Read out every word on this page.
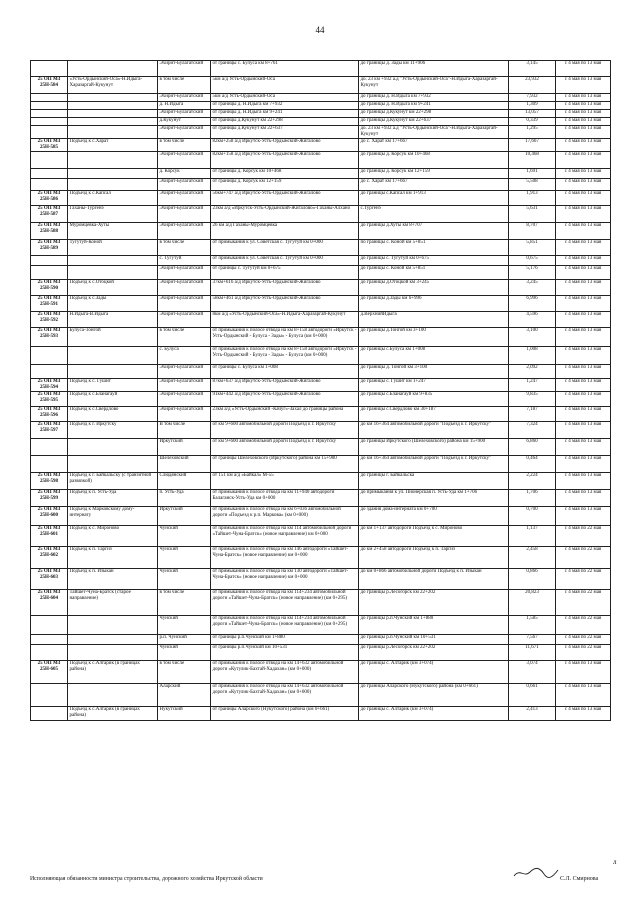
44
		Эхирит-Булагатский	от границы с. Булуса км 8+761	до границы д. Зады км 11+906	3,145	с 4 мая по 13 мая
25 ОП МЗ 25Н-584	«Усть-Ордынский-Оса»-Н.Идыга-Харазаргай-Кукунут	в том числе	5км а/д Усть-Ордынский-Оса	до. 23 км +932 а.д "Усть-Ордынский-Оса"-Н.Идыга-Харазаргай-Кукунут	23,932	с 4 мая по 13 мая
		Эхирит-Булагатский	5км а/д Усть-Ордынский-Оса	до границы д. Н.Идыга км 7+932	7,932	с 4 мая по 13 мая
		д. Н.Идыга	от границы д. Н.Идыга км 7+932	до границы д. Н.Идыга км 9+241	1,309	с 4 мая по 13 мая
		Эхирит-Булагатский	от границы д. Н.Идыга км 9+241	до границы д.Кукунут км 22+298	13,057	с 4 мая по 13 мая
		д.Кукунут	от границы д.Кукунут км 22+298	до границы д.Кукунут км 22+637	0,339	с 4 мая по 13 мая
		Эхирит-Булагатский	от границы д.Кукунут км 22+637	до. 23 км +932 а.д "Усть-Ордынский-Оса"-Н.Идыга-Харазаргай-Кукунут	1,295	с 4 мая по 13 мая
25 ОП МЗ 25Н-585	Подъезд к с.Харат	в том числе	82км+258 а/д Иркутск-Усть-Ордынский-Жигалово	до с. Харат км 17+667	17,667	с 4 мая по 13 мая
		Эхирит-Булагатский	82км+158 а/д Иркутск-Усть-Ордынский-Жигалово	до границы д. Корсук км 10+468	10,468	с 4 мая по 13 мая
		д. Корсук	от границы д. Корсук км 10+468	до границы д. Корсук км 12+159	1,691	с 4 мая по 13 мая
		Эхирит-Булагатский	от границы д. Корсук км 12+159	до с. Харат км 17+667	5,508	с 4 мая по 13 мая
25 ОП МЗ 25Н-586	Подъезд к с.Капсал	Эхирит-Булагатский	56км+747 а/д Иркутск-Усть-Ордынский-Жигалово	до границы с.Капсал км 1+913	1,913	с 4 мая по 13 мая
25 ОП МЗ 25Н-587	Гаханы-Тургенэ	Эхирит-Булагатский	23км а/д «Иркутск-Усть-Ордынский-Жигалово»-Гаханы-Алхано	с.Тургенэ	5,631	с 4 мая по 13 мая
25 ОП МЗ 25Н-588	Муромцевка-Хуты	Эхирит-Булагатский	26 км а/д Гаханы-Муромцевка	до границы д.Хуты км 8+707	8,707	с 4 мая по 13 мая
25 ОП МЗ 25Н-589	Тугутуй-Коной	в том числе	от примыкания к ул. Советская с. Тугутуй км 0+000	по границы с. Коной км 5+851	5,851	с 4 мая по 13 мая
		с. Тугутуй	от примыкания к ул. Советская с. Тугутуй км 0+000	до границы с. Тугутуй км 0+675	0,675	с 4 мая по 13 мая
		Эхирит-Булагатский	от границы с. Тугутуй км 0+675	до границы с. Коной км 5+851	5,176	с 4 мая по 13 мая
25 ОП МЗ 25Н-590	Подъезд к с.Отоцкой	Эхирит-Булагатский	37км+616 а/д Иркутск-Усть-Ордынский-Жигалово	до границы д.Отоцкой км 3+245	3,245	с 4 мая по 13 мая
25 ОП МЗ 25Н-591	Подъезд к с.Зады	Эхирит-Булагатский	58км+461 а/д Иркутск-Усть-Ордынский-Жигалово	до границы д.Зады км 6+996	6,996	с 4 мая по 13 мая
25 ОП МЗ 25Н-592	Н.Идыга-В.Идыга	Эхирит-Булагатский	8км а/д «Усть-Ордынский-Оса»-Н.Идыга-Харазаргай-Кукунут	д.ВерхнийИдыга	4,596	с 4 мая по 13 мая
25 ОП МЗ 25Н-593	Булуса-Тонгой	в том числе	от примыкания к полосе отвода на км 8+158 автодороги «Иркутск - Усть-Ордынский - Булуса - Зады» - Булуса (км 0+000)	до границы д.Тонгой км 3+100	3,100	с 4 мая по 13 мая
		с. Булуса	от примыкания к полосе отвода на км 8+158 автодороги «Иркутск - Усть-Ордынский - Булуса - Зады» - Булуса (км 0+000)	до границы с.Булуса км 1+008	1,008	с 4 мая по 13 мая
		Эхирит-Булагатский	от границы с. Булуса км 1+008	до границы д. Тонгой км 3+100	2,092	с 4 мая по 13 мая
25 ОП МЗ 25Н-594	Подъезд к с. Гушит	Эхирит-Булагатский	87км+637 а/д Иркутск-Усть-Ордынский-Жигалово	до границы с. Гушит км 1+247	1,247	с 4 мая по 13 мая
25 ОП МЗ 25Н-595	Подъезд к с.Бланагауй	Эхирит-Булагатский	91км+442 а/д Иркутск-Усть-Ордынский-Жигалово	до границы с.Бланагауй км 9+835	9,835	с 4 мая по 13 мая
25 ОП МЗ 25Н-596	Подъезд к с.Свердлово	Эхирит-Булагатский	23км а/д «Усть-Ордынский -Качуг»-Захал до границы района	до границы с.Свердлово км 30+187	7,187	с 4 мая по 13 мая
25 ОП МЗ 25Н-597	Подъезд к г. Иркутску	В том числе	от км 9+600 автомобильной дороги Подъезд к г. Иркутску	до км 16+364 автомобильной дороги "Подъезд к г. Иркутску"	7,324	с 4 мая по 13 мая
		Иркутский	от км 9+600 автомобильной дороги Подъезд к г. Иркутску	до границы Иркутского (Шелеховского) района км 15+900	6,860	с 4 мая по 13 мая
		Шелеховский	от границы Шелеховского (Иркутского) района км 15+900	до км 16+364 автомобильной дороги "Подъезд к г. Иркутску"	0,464	с 4 мая по 13 мая
25 ОП МЗ 25Н-598	Подъезд к г. Байкальску (с транзитной развязкой)	Слюдянский	от 151 км а/д «Байкал» М-55	до границы г. Байкальска	2,224	с 4 мая по 13 мая
25 ОП МЗ 25Н-599	Подъезд к п. Усть-Уда	п. Усть-Уда	от примыкания к полосе отвода на км 11+940 автодороги Балаганск-Усть-Уда км 0+000	до примыкания к ул. Пионерская п. Усть-Уда км 1+706	1,706	с 4 мая по 13 мая
25 ОП МЗ 25Н-600	Подъезд к Марковскому дому-интернату	Иркутский	от примыкания к полосе отвода на км 6+036 автомобильной дороги «Подъезд к р.п. Маркова» (км 0+000)	до здания дома-интерната км 0+700	0,700	с 4 мая по 13 мая
25 ОП МЗ 25Н-601	Подъезд к с. Мироново	Чунский	от примыкания к полосе отвода на км 114 автомобильной дороги «Тайшет-Чуна-Братск» (новое направление) км 0+000	до км 1+137 автодороги Подъезд к с. Мироново	1,137	с 4 мая по 22 мая
25 ОП МЗ 25Н-602	Подъезд к п. Таргиз	Чунский	от примыкания к полосе отвода на км 146 автодороги «Тайшет-Чуна-Братск» (новое направление) км 0+000	до км 2+458 автодороги Подъезд к п. Таргиз	2,458	с 4 мая по 22 мая
25 ОП МЗ 25Н-603	Подъезд к п. Изыкан	Чунский	от примыкания к полосе отвода на км 130 автодороги «Тайшет-Чуна-Братск» (новое направление) км 0+000	до км 0+866 автомобильной дороги Подъезд к п. Изыкан	0,866	с 4 мая по 22 мая
25 ОП МЗ 25Н-604	Тайшет-Чуна-Братск (старое направление)	в том числе	от примыкания к полосе отвода на км 114+234 автомобильной дороги «Тайшет-Чуна-Братск» (новое направление) (км 0+295)	до границы р.Лесогорск км 22+202	20,823	с 4 мая по 22 мая
		Чунский	от примыкания к полосе отвода на км 114+234 автомобильной дороги «Тайшет-Чуна-Братск» (новое направление) (км 0+295)	до границы р.п.Чунский км 1+880	1,585	с 4 мая по 22 мая
		р.п. Чунский	от границы р.п.Чунский км 1+880	до границы р.п.Чунский км 10+531	7,567	с 4 мая по 22 мая
		Чунский	от границы р.п.Чунский км 10+531	до границы р.Лесогорск км 22+202	11,671	с 4 мая по 22 мая
25 ОП МЗ 25Н-605	Подъезд к с.Алтарик (в границах района)	в том числе	от примыкания к полосе отвода на км 14+632 автомобильной дороги «Кутулик-Бахтай-Хадахан» (км 0+000)	до границы с. Алтарик (км 3+074)	3,074	с 4 мая по 13 мая
		Аларский	от примыкания к полосе отвода на км 14+632 автомобильной дороги «Кутулик-Бахтай-Хадахан» (км 0+000)	до границы Аларского (Нукутского) района (км 0+661)	0,661	с 4 мая по 13 мая
	Подъезд к с.Алтарик (в границах района)	Нукутский	от границы Аларского (Нукутского) района (км 0+661)	до границы с. Алтарик (км 3+074)	2,413	с 4 мая по 13 мая
Исполняющая обязанности министра строительства, дорожного хозяйства Иркутской области	С.Л. Смирнова
л
